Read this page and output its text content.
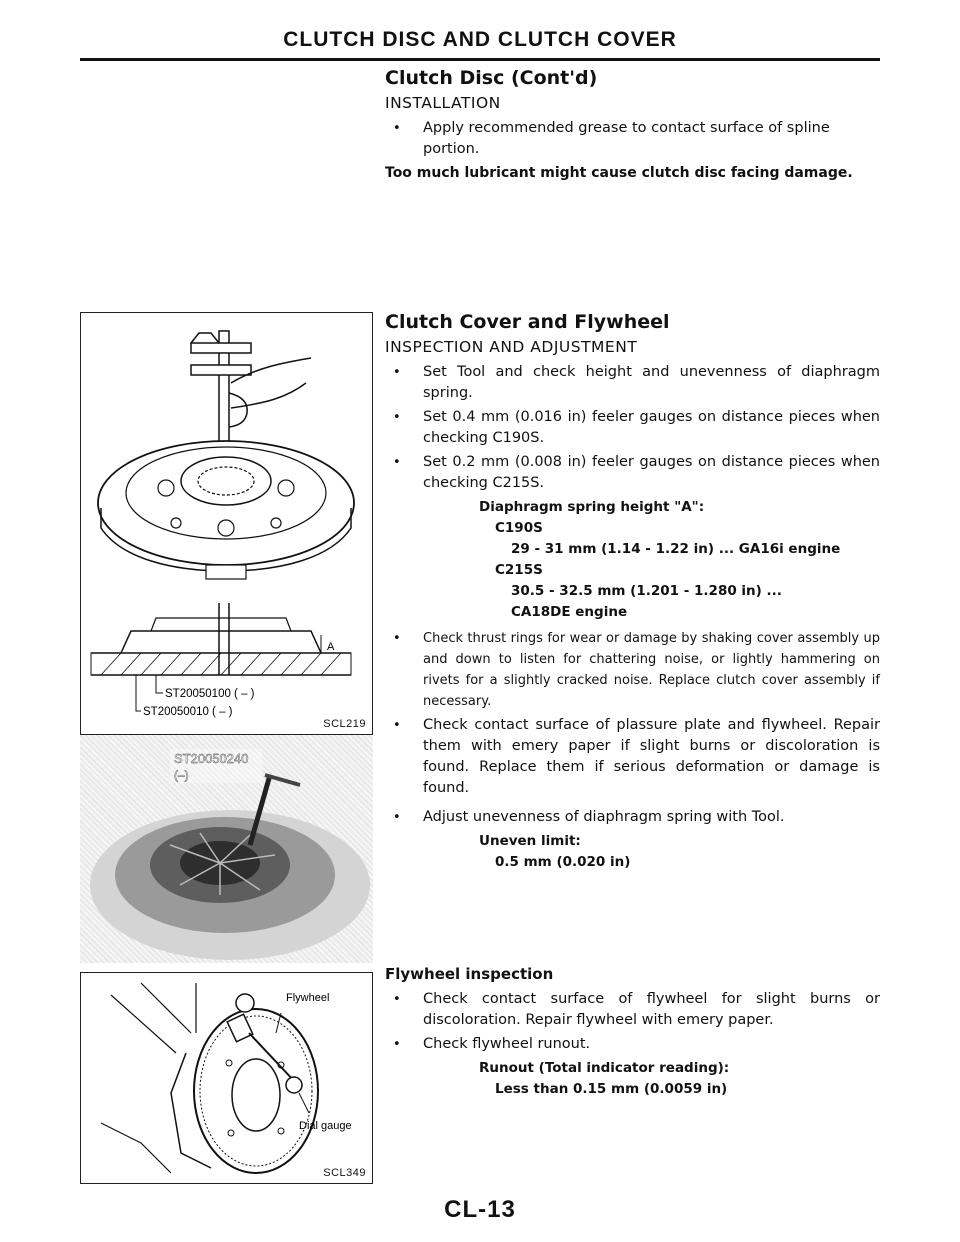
CLUTCH DISC AND CLUTCH COVER
Clutch Disc (Cont'd)
INSTALLATION
• Apply recommended grease to contact surface of spline
portion.
Too much lubricant might cause clutch disc facing damage.
Clutch Cover and Flywheel
INSPECTION AND ADJUSTMENT
• Set Tool and check height and unevenness of diaphragm spring.
• Set 0.4 mm (0.016 in) feeler gauges on distance pieces when checking C190S.
• Set 0.2 mm (0.008 in) feeler gauges on distance pieces when checking C215S.
Diaphragm spring height "A":
C190S
29 - 31 mm (1.14 - 1.22 in) ... GA16i engine
C215S
30.5 - 32.5 mm (1.201 - 1.280 in) ...
CA18DE engine
• Check thrust rings for wear or damage by shaking cover assembly up and down to listen for chattering noise, or lightly hammering on rivets for a slightly cracked noise. Replace clutch cover assembly if necessary.
• Check contact surface of plassure plate and flywheel. Repair them with emery paper if slight burns or discoloration is found. Replace them if serious deformation or damage is found.
• Adjust unevenness of diaphragm spring with Tool.
Uneven limit:
0.5 mm (0.020 in)
Flywheel inspection
• Check contact surface of flywheel for slight burns or discoloration. Repair flywheel with emery paper.
• Check flywheel runout.
Runout (Total indicator reading):
Less than 0.15 mm (0.0059 in)
A
ST20050100 ( – )
ST20050010 ( – )
SCL219
ST20050240
(–)
Flywheel
Dial gauge
SCL349
CL-13
